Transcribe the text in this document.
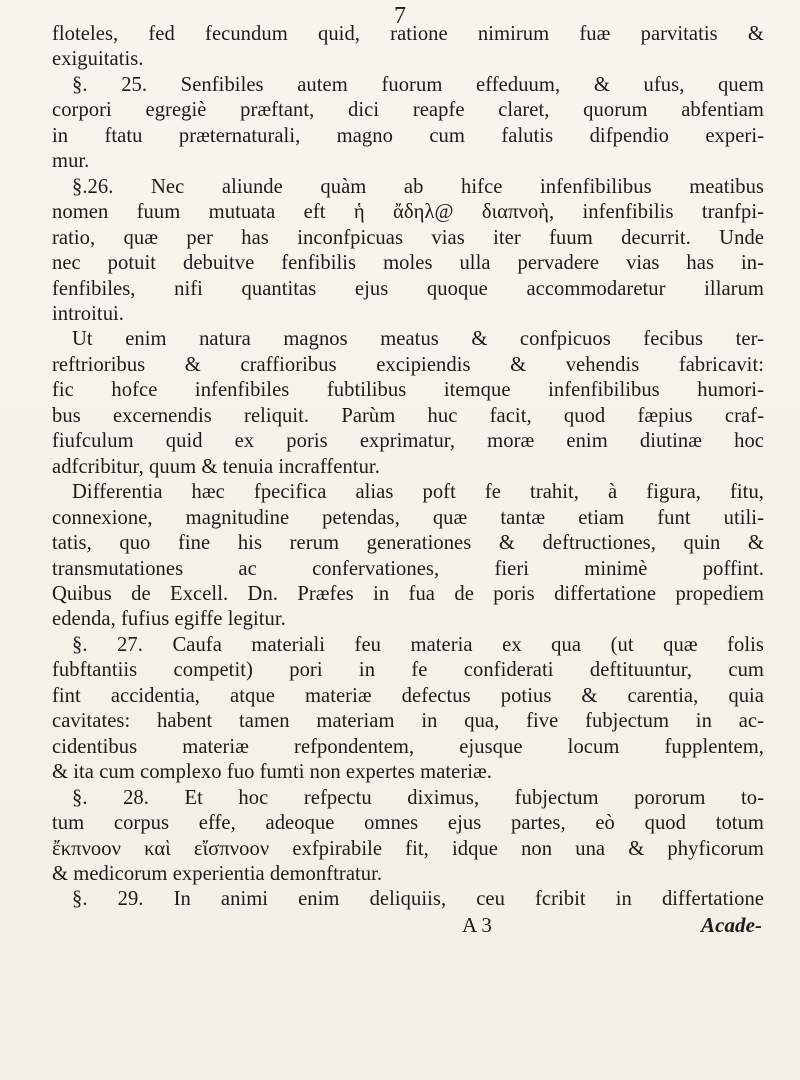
7
floteles, fed fecundum quid, ratione nimirum fuæ parvitatis &
exiguitatis.
§. 25. Senfibiles autem fuorum effeduum, & ufus, quem
corpori egregiè præftant, dici reapfe claret, quorum abfentiam
in ftatu præternaturali, magno cum falutis difpendio experi-
mur.
§.26. Nec aliunde quàm ab hifce infenfibilibus meatibus
nomen fuum mutuata eft ἡ ἄδηλ@ διαπνοὴ, infenfibilis tranfpi-
ratio, quæ per has inconfpicuas vias iter fuum decurrit. Unde
nec potuit debuitve fenfibilis moles ulla pervadere vias has in-
fenfibiles, nifi quantitas ejus quoque accommodaretur illarum
introitui.
Ut enim natura magnos meatus & confpicuos fecibus ter-
reftrioribus & craffioribus excipiendis & vehendis fabricavit:
fic hofce infenfibiles fubtilibus itemque infenfibilibus humori-
bus excernendis reliquit. Parùm huc facit, quod fæpius craf-
fiufculum quid ex poris exprimatur, moræ enim diutinæ hoc
adfcribitur, quum & tenuia incraffentur.
Differentia hæc fpecifica alias poft fe trahit, à figura, fitu,
connexione, magnitudine petendas, quæ tantæ etiam funt utili-
tatis, quo fine his rerum generationes & deftructiones, quin &
transmutationes ac confervationes, fieri minimè poffint.
Quibus de Excell. Dn. Præfes in fua de poris differtatione propediem
edenda, fufius egiffe legitur.
§. 27. Caufa materiali feu materia ex qua (ut quæ folis
fubftantiis competit) pori in fe confiderati deftituuntur, cum
fint accidentia, atque materiæ defectus potius & carentia, quia
cavitates: habent tamen materiam in qua, five fubjectum in ac-
cidentibus materiæ refpondentem, ejusque locum fupplentem,
& ita cum complexo fuo fumti non expertes materiæ.
§. 28. Et hoc refpectu diximus, fubjectum pororum to-
tum corpus effe, adeoque omnes ejus partes, eò quod totum
ἔκπνοον καὶ εἴσπνοον exfpirabile fit, idque non una & phyficorum
& medicorum experientia demonftratur.
§. 29. In animi enim deliquiis, ceu fcribit in differtatione
A 3	Acade-
